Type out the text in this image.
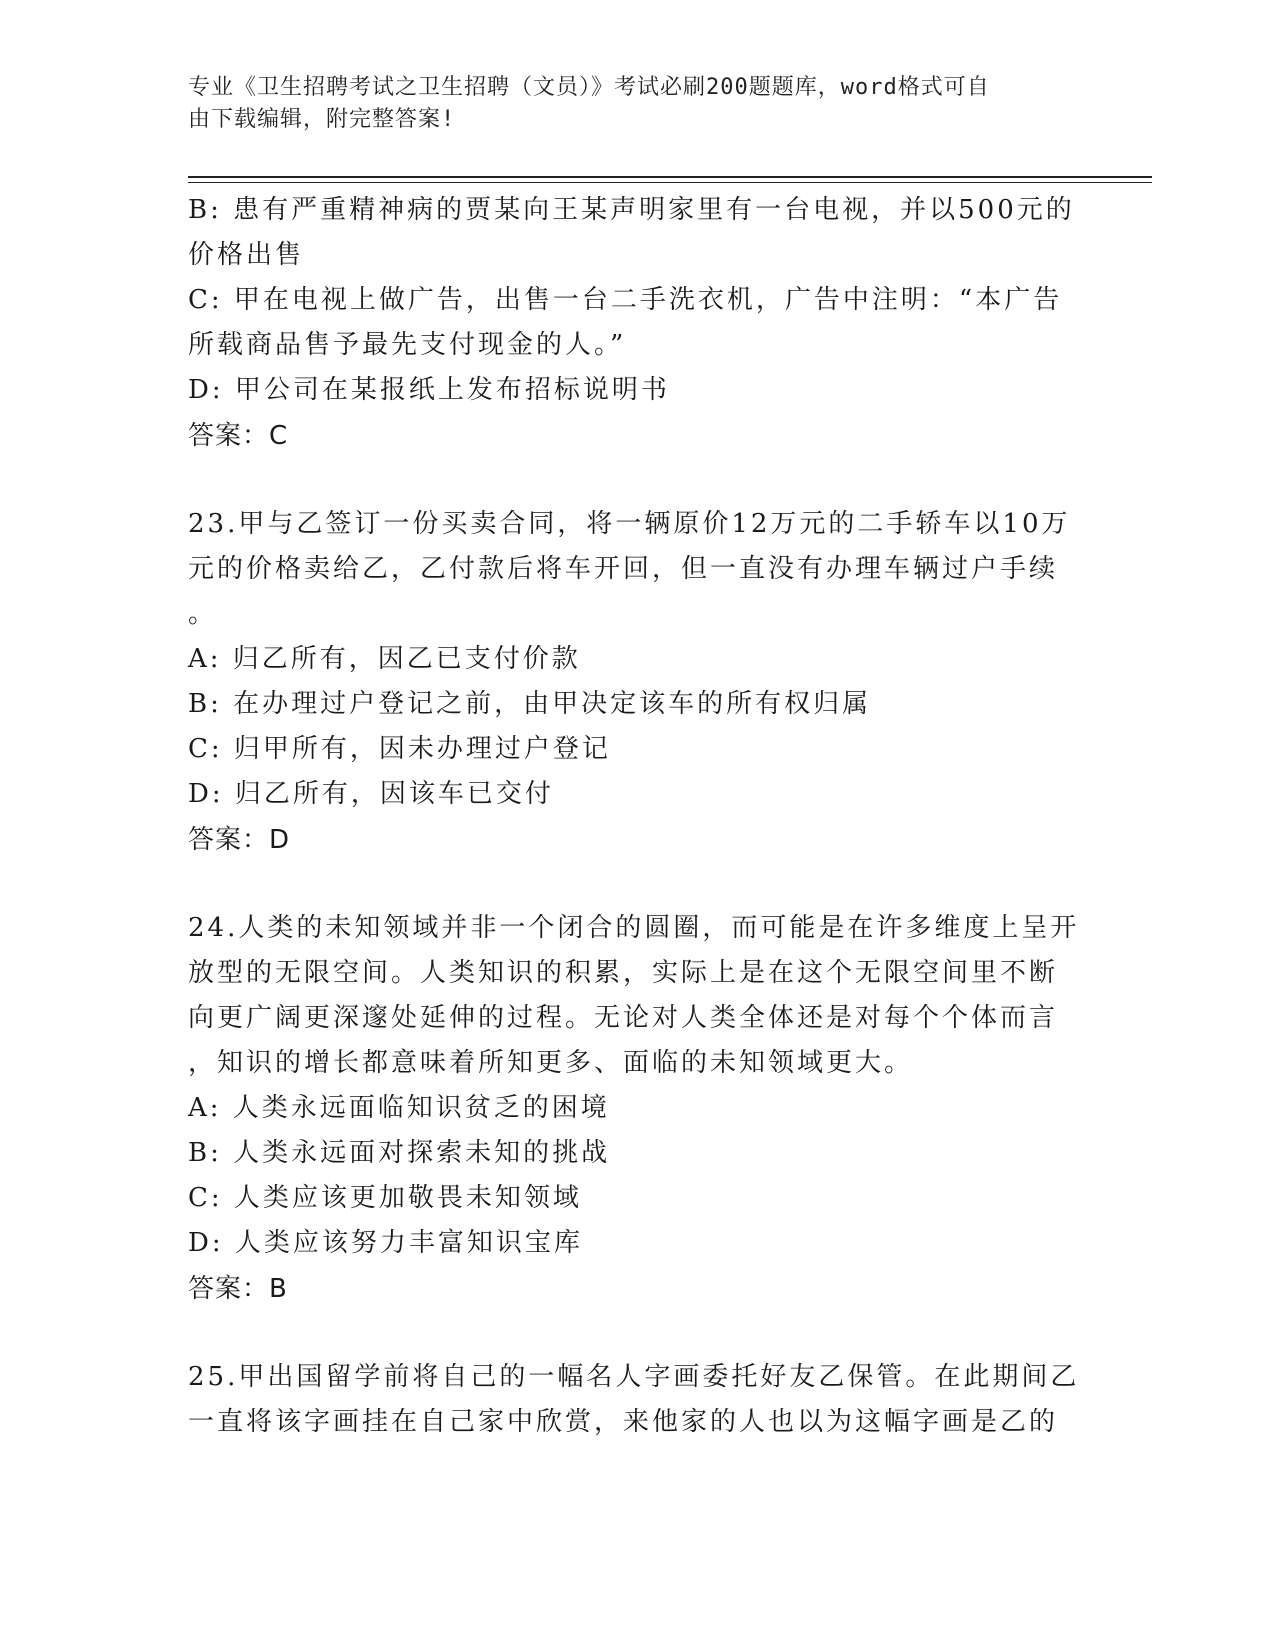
专业《卫生招聘考试之卫生招聘（文员）》考试必刷200题题库，word格式可自
由下载编辑，附完整答案!
B: 患有严重精神病的贾某向王某声明家里有一台电视，并以500元的
价格出售
C: 甲在电视上做广告，出售一台二手洗衣机，广告中注明：“本广告
所载商品售予最先支付现金的人。”
D: 甲公司在某报纸上发布招标说明书
答案：C
23.甲与乙签订一份买卖合同，将一辆原价12万元的二手轿车以10万
元的价格卖给乙，乙付款后将车开回，但一直没有办理车辆过户手续
。
A: 归乙所有，因乙已支付价款
B: 在办理过户登记之前，由甲决定该车的所有权归属
C: 归甲所有，因未办理过户登记
D: 归乙所有，因该车已交付
答案：D
24.人类的未知领域并非一个闭合的圆圈，而可能是在许多维度上呈开
放型的无限空间。人类知识的积累，实际上是在这个无限空间里不断
向更广阔更深邃处延伸的过程。无论对人类全体还是对每个个体而言
，知识的增长都意味着所知更多、面临的未知领域更大。
A: 人类永远面临知识贫乏的困境
B: 人类永远面对探索未知的挑战
C: 人类应该更加敬畏未知领域
D: 人类应该努力丰富知识宝库
答案：B
25.甲出国留学前将自己的一幅名人字画委托好友乙保管。在此期间乙
一直将该字画挂在自己家中欣赏，来他家的人也以为这幅字画是乙的
